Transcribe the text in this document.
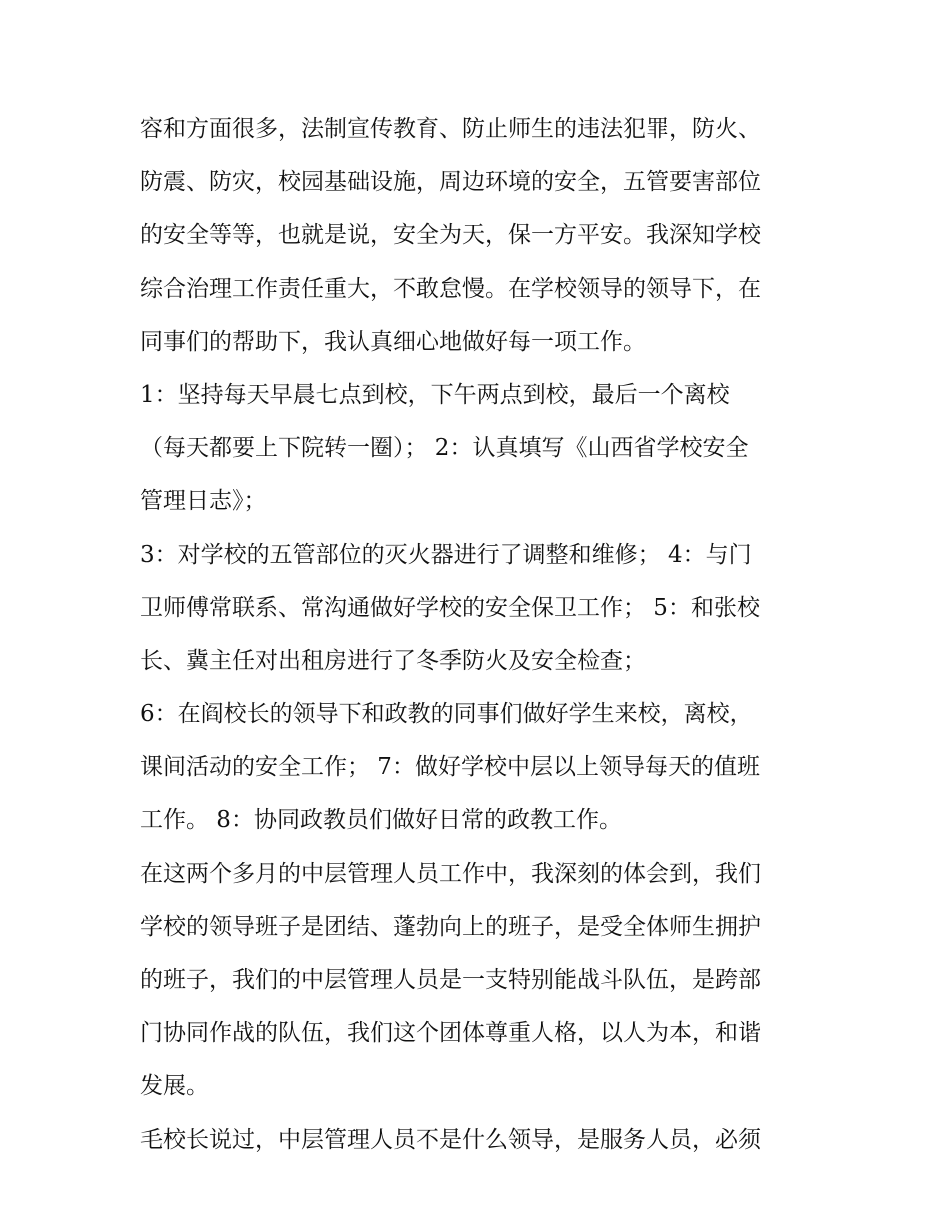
容和方面很多，法制宣传教育、防止师生的违法犯罪，防火、
防震、防灾，校园基础设施，周边环境的安全，五管要害部位
的安全等等，也就是说，安全为天，保一方平安。我深知学校
综合治理工作责任重大，不敢怠慢。在学校领导的领导下，在
同事们的帮助下，我认真细心地做好每一项工作。
1：坚持每天早晨七点到校，下午两点到校，最后一个离校
（每天都要上下院转一圈）； 2：认真填写《山西省学校安全
管理日志》；
3：对学校的五管部位的灭火器进行了调整和维修； 4：与门
卫师傅常联系、常沟通做好学校的安全保卫工作； 5：和张校
长、冀主任对出租房进行了冬季防火及安全检查；
6：在阎校长的领导下和政教的同事们做好学生来校，离校，
课间活动的安全工作； 7：做好学校中层以上领导每天的值班
工作。 8：协同政教员们做好日常的政教工作。
在这两个多月的中层管理人员工作中，我深刻的体会到，我们
学校的领导班子是团结、蓬勃向上的班子，是受全体师生拥护
的班子，我们的中层管理人员是一支特别能战斗队伍，是跨部
门协同作战的队伍，我们这个团体尊重人格，以人为本，和谐
发展。
毛校长说过，中层管理人员不是什么领导，是服务人员，必须
